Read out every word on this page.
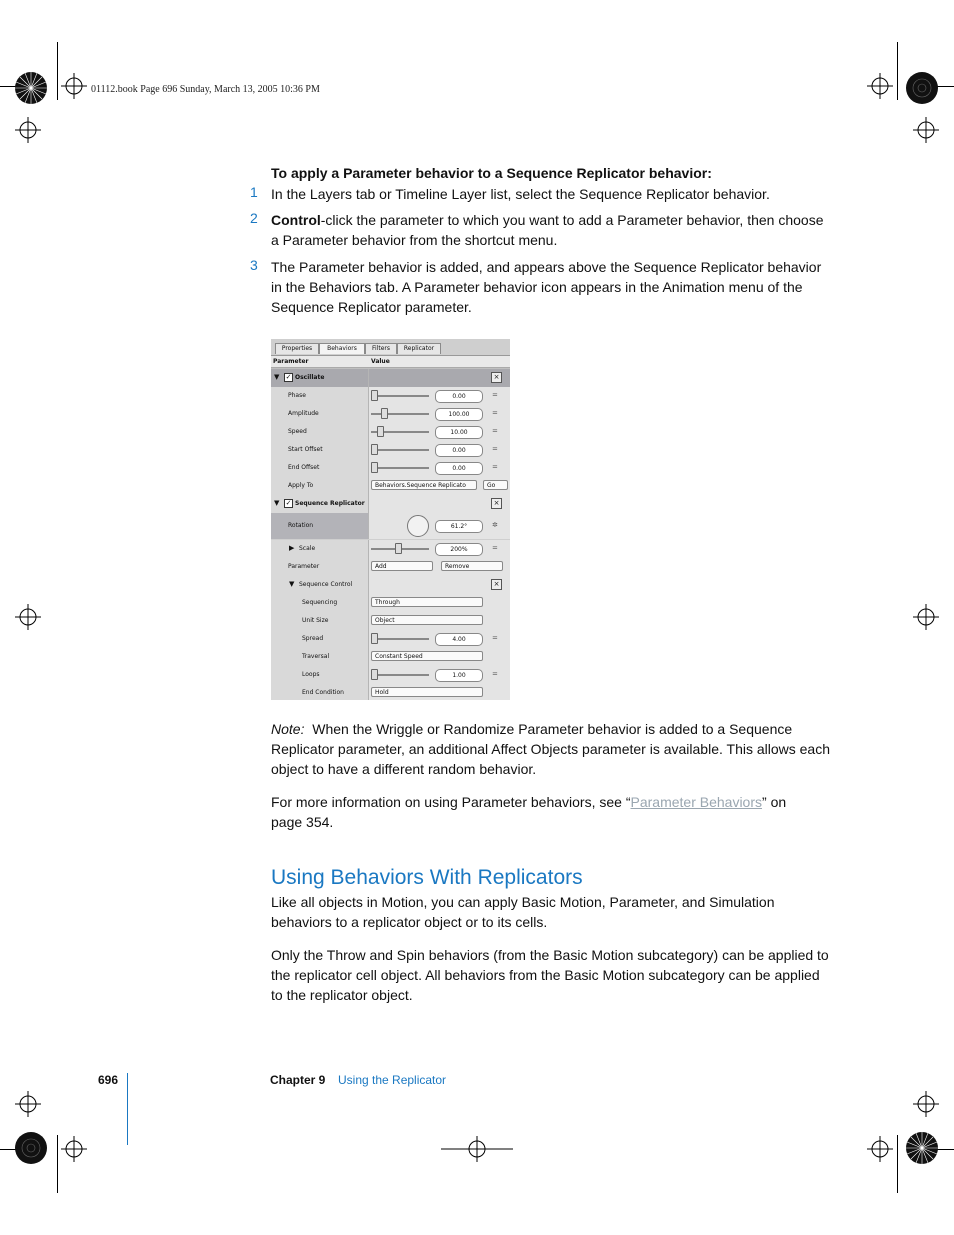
01112.book Page 696 Sunday, March 13, 2005 10:36 PM
To apply a Parameter behavior to a Sequence Replicator behavior:
1 In the Layers tab or Timeline Layer list, select the Sequence Replicator behavior.
2 Control-click the parameter to which you want to add a Parameter behavior, then choose a Parameter behavior from the shortcut menu.
3 The Parameter behavior is added, and appears above the Sequence Replicator behavior in the Behaviors tab. A Parameter behavior icon appears in the Animation menu of the Sequence Replicator parameter.
Properties	Behaviors	Filters	Replicator
Parameter	Value
▼ ✓ Oscillate	×
Phase	0.00	=
Amplitude	100.00	=
Speed	10.00	=
Start Offset	0.00	=
End Offset	0.00	=
Apply To	Behaviors.Sequence Replicato	Go
▼ ✓ Sequence Replicator	×
Rotation	61.2°	✲
▶ Scale	200%	=
Parameter	Add	Remove
▼ Sequence Control	×
Sequencing	Through
Unit Size	Object
Spread	4.00	=
Traversal	Constant Speed
Loops	1.00	=
End Condition	Hold
Note: When the Wriggle or Randomize Parameter behavior is added to a Sequence Replicator parameter, an additional Affect Objects parameter is available. This allows each object to have a different random behavior.
For more information on using Parameter behaviors, see “Parameter Behaviors” on page 354.
Using Behaviors With Replicators
Like all objects in Motion, you can apply Basic Motion, Parameter, and Simulation behaviors to a replicator object or to its cells.
Only the Throw and Spin behaviors (from the Basic Motion subcategory) can be applied to the replicator cell object. All behaviors from the Basic Motion subcategory can be applied to the replicator object.
696	Chapter 9 Using the Replicator
